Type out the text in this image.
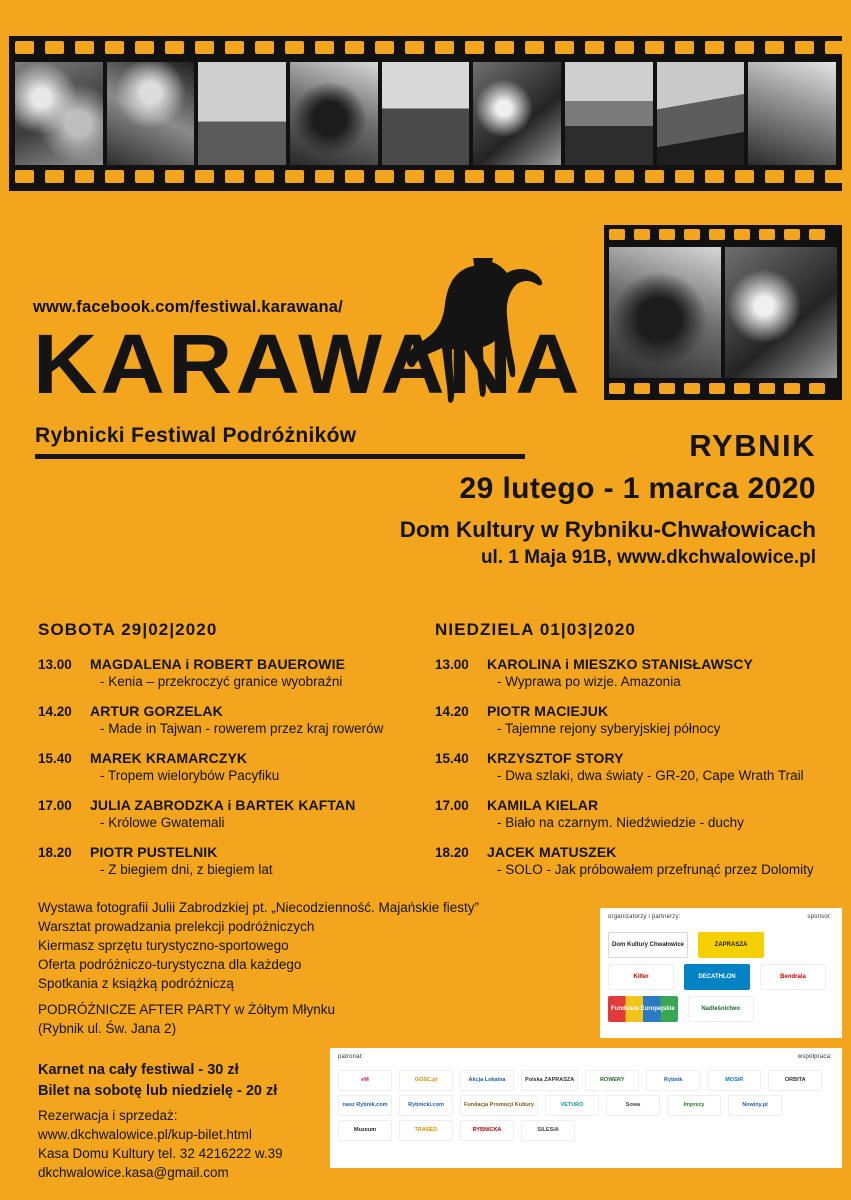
www.facebook.com/festiwal.karawana/
KARAWANA
Rybnicki Festiwal Podróżników	RYBNIK
29 lutego - 1 marca 2020
Dom Kultury w Rybniku-Chwałowicach
ul. 1 Maja 91B, www.dkchwalowice.pl
SOBOTA 29|02|2020
13.00	MAGDALENA i ROBERT BAUEROWIE
- Kenia – przekroczyć granice wyobraźni
14.20	ARTUR GORZELAK
- Made in Tajwan - rowerem przez kraj rowerów
15.40	MAREK KRAMARCZYK
- Tropem wielorybów Pacyfiku
17.00	JULIA ZABRODZKA i BARTEK KAFTAN
- Królowe Gwatemali
18.20	PIOTR PUSTELNIK
- Z biegiem dni, z biegiem lat
NIEDZIELA 01|03|2020
13.00	KAROLINA i MIESZKO STANISŁAWSCY
- Wyprawa po wizje. Amazonia
14.20	PIOTR MACIEJUK
- Tajemne rejony syberyjskiej północy
15.40	KRZYSZTOF STORY
- Dwa szlaki, dwa światy - GR-20, Cape Wrath Trail
17.00	KAMILA KIELAR
- Biało na czarnym. Niedźwiedzie - duchy
18.20	JACEK MATUSZEK
- SOLO - Jak próbowałem przefrunąć przez Dolomity
Wystawa fotografii Julii Zabrodzkiej pt. „Niecodzienność. Majańskie fiesty”
Warsztat prowadzania prelekcji podróżniczych
Kiermasz sprzętu turystyczno-sportowego
Oferta podróżniczo-turystyczna dla każdego
Spotkania z książką podróżniczą
PODRÓŻNICZE AFTER PARTY w Żółtym Młynku
(Rybnik ul. Św. Jana 2)
Karnet na cały festiwal - 30 zł
Bilet na sobotę lub niedzielę - 20 zł
Rezerwacja i sprzedaż:
www.dkchwalowice.pl/kup-bilet.html
Kasa Domu Kultury tel. 32 4216222 w.39
dkchwalowice.kasa@gmail.com
organizatorzy i partnerzy:	sponsor:
Dom Kultury Chwałowice	ZAPRASZA
Kilter	DECATHLON	Bendrala
Fundusze Europejskie	Nadleśnictwo
patronat:	współpraca:
eM	GOSC.pl	Akcja Lokalna	Polska ZAPRASZA	ROWERY	Rybnik	MOSiR	ORBITA
nasz Rybnik.com	Rybnicki.com	Fundacja Promocji Kultury	VETURO	Sowa	Imprezy	Nowiny.pl
Muzeum	TRASEO	RYBNICKA	SILESIA
